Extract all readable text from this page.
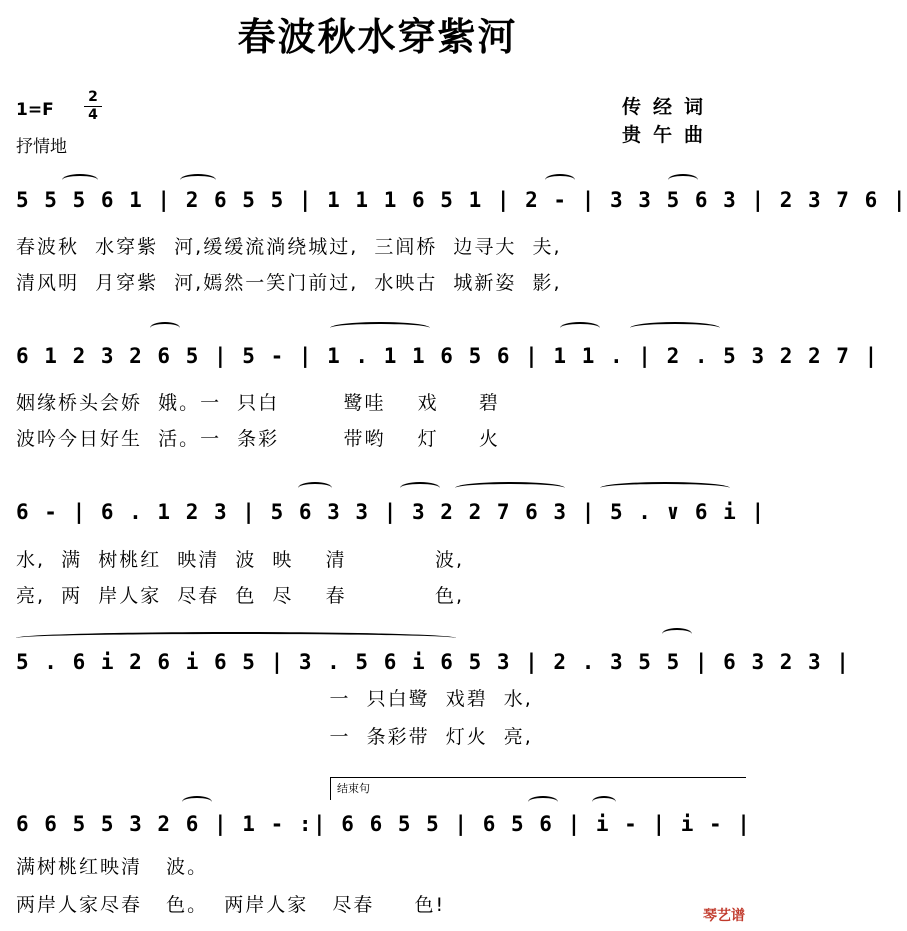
春波秋水穿紫河
1=F
2
4
抒情地
传经词
贵午曲
5 5 5 6 1 | 2 6 5 5 | 1 1 1 6 5 1 | 2 - | 3 3 5 6 3 | 2 3 7 6 |
春波秋  水穿紫  河,缓缓流淌绕城过,  三闾桥  边寻大  夫,
清风明  月穿紫  河,嫣然一笑门前过,  水映古  城新姿  影,
6 1 2 3 2 6 5 | 5 - | 1 . 1 1 6 5 6 | 1 1 . | 2 . 5 3 2 2 7 |
姻缘桥头会娇  娥。一  只白        鹭哇    戏     碧
波吟今日好生  活。一  条彩        带哟    灯     火
6 - | 6 . 1 2 3 | 5 6 3 3 | 3 2 2 7 6 3 | 5 . ∨ 6 i |
水,  满  树桃红  映清  波  映    清           波,
亮,  两  岸人家  尽春  色  尽    春           色,
5 . 6 i 2 6 i 6 5 | 3 . 5 6 i 6 5 3 | 2 . 3 5 5 | 6 3 2 3 |
一  只白鹭  戏碧  水,
一  条彩带  灯火  亮,
结束句
6 6 5 5 3 2 6 | 1 - :| 6 6 5 5 | 6 5 6 | i - | i - |
满树桃红映清   波。
两岸人家尽春   色。  两岸人家   尽春     色!	琴艺谱
